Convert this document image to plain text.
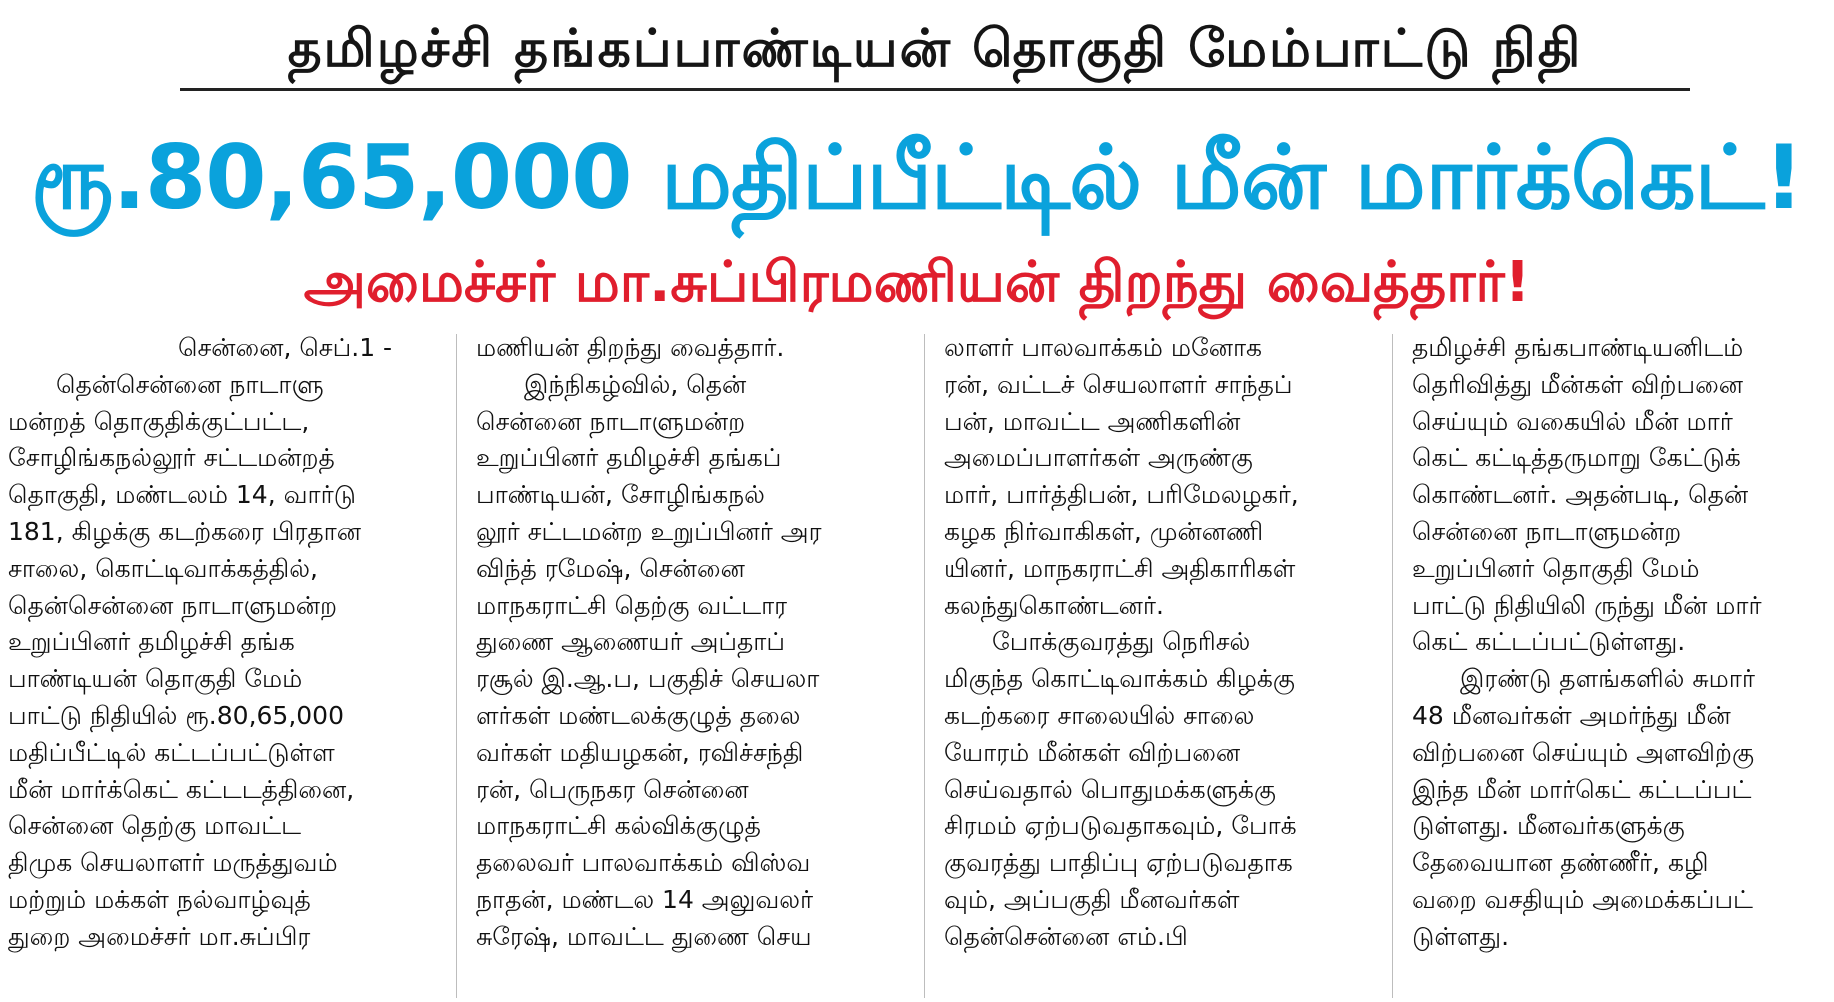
தமிழச்சி தங்கப்பாண்டியன் தொகுதி மேம்பாட்டு நிதி
ரூ.80,65,000 மதிப்பீட்டில் மீன் மார்க்கெட்!
அமைச்சர் மா.சுப்பிரமணியன் திறந்து வைத்தார்!
சென்னை, செப்.1 -
தென்சென்னை நாடாளு
மன்றத் தொகுதிக்குட்பட்ட,
சோழிங்கநல்லூர் சட்டமன்றத்
தொகுதி, மண்டலம் 14, வார்டு
181, கிழக்கு கடற்கரை பிரதான
சாலை, கொட்டிவாக்கத்தில்,
தென்சென்னை நாடாளுமன்ற
உறுப்பினர் தமிழச்சி தங்க
பாண்டியன் தொகுதி மேம்
பாட்டு நிதியில் ரூ.80,65,000
மதிப்பீட்டில் கட்டப்பட்டுள்ள
மீன் மார்க்கெட் கட்டடத்தினை,
சென்னை தெற்கு மாவட்ட
திமுக செயலாளர் மருத்துவம்
மற்றும் மக்கள் நல்வாழ்வுத்
துறை அமைச்சர் மா.சுப்பிர
மணியன் திறந்து வைத்தார்.
இந்நிகழ்வில், தென்
சென்னை நாடாளுமன்ற
உறுப்பினர் தமிழச்சி தங்கப்
பாண்டியன், சோழிங்கநல்
லூர் சட்டமன்ற உறுப்பினர் அர
விந்த் ரமேஷ், சென்னை
மாநகராட்சி தெற்கு வட்டார
துணை ஆணையர் அப்தாப்
ரசூல் இ.ஆ.ப, பகுதிச் செயலா
ளர்கள் மண்டலக்குழுத் தலை
வர்கள் மதியழகன், ரவிச்சந்தி
ரன், பெருநகர சென்னை
மாநகராட்சி கல்விக்குழுத்
தலைவர் பாலவாக்கம் விஸ்வ
நாதன், மண்டல 14 அலுவலர்
சுரேஷ், மாவட்ட துணை செய
லாளர் பாலவாக்கம் மனோக
ரன், வட்டச் செயலாளர் சாந்தப்
பன், மாவட்ட அணிகளின்
அமைப்பாளர்கள் அருண்கு
மார், பார்த்திபன், பரிமேலழகர்,
கழக நிர்வாகிகள், முன்னணி
யினர், மாநகராட்சி அதிகாரிகள்
கலந்துகொண்டனர்.
போக்குவரத்து நெரிசல்
மிகுந்த கொட்டிவாக்கம் கிழக்கு
கடற்கரை சாலையில் சாலை
யோரம் மீன்கள் விற்பனை
செய்வதால் பொதுமக்களுக்கு
சிரமம் ஏற்படுவதாகவும், போக்
குவரத்து பாதிப்பு ஏற்படுவதாக
வும், அப்பகுதி மீனவர்கள்
தென்சென்னை எம்.பி
தமிழச்சி தங்கபாண்டியனிடம்
தெரிவித்து மீன்கள் விற்பனை
செய்யும் வகையில் மீன் மார்
கெட் கட்டித்தருமாறு கேட்டுக்
கொண்டனர். அதன்படி, தென்
சென்னை நாடாளுமன்ற
உறுப்பினர் தொகுதி மேம்
பாட்டு நிதியிலி ருந்து மீன் மார்
கெட் கட்டப்பட்டுள்ளது.
இரண்டு தளங்களில் சுமார்
48 மீனவர்கள் அமர்ந்து மீன்
விற்பனை செய்யும் அளவிற்கு
இந்த மீன் மார்கெட் கட்டப்பட்
டுள்ளது. மீனவர்களுக்கு
தேவையான தண்ணீர், கழி
வறை வசதியும் அமைக்கப்பட்
டுள்ளது.
